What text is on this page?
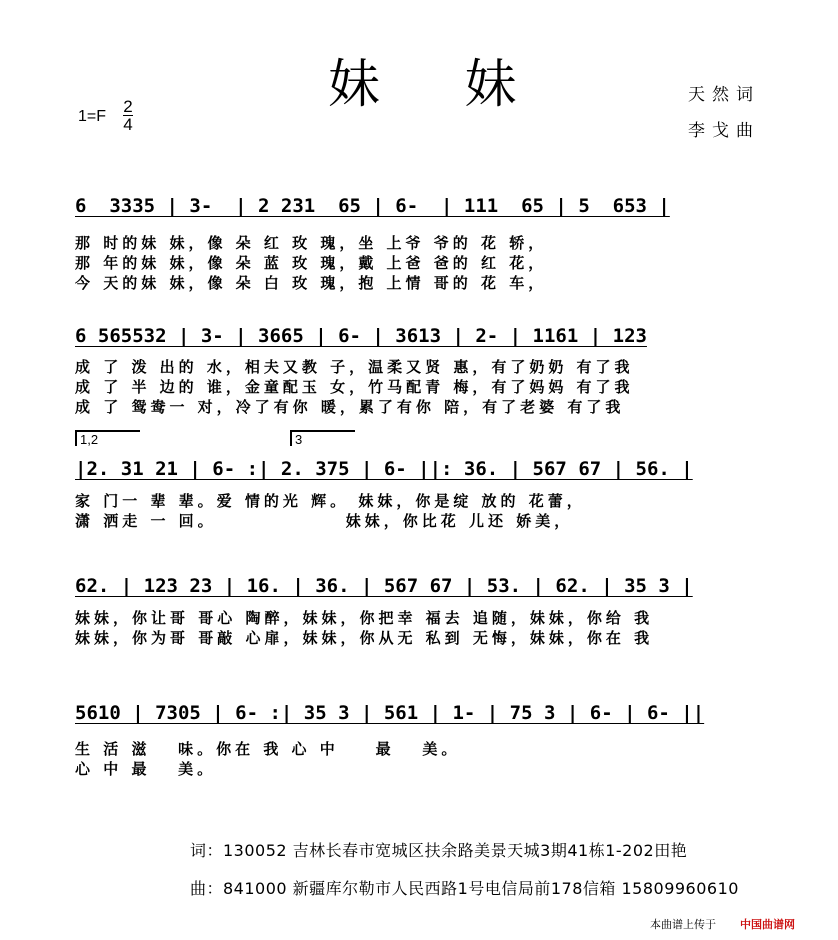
妹 妹
1=F
2
4
天然词
李戈曲
6  3335 | 3-  | 2 231  65 | 6-  | 111  65 | 5  653 |
那 时的妹 妹，像 朵 红 玫 瑰，坐 上爷 爷的 花 轿，
那 年的妹 妹，像 朵 蓝 玫 瑰，戴 上爸 爸的 红 花，
今 天的妹 妹，像 朵 白 玫 瑰，抱 上情 哥的 花 车，
6 565532 | 3- | 3665 | 6- | 3613 | 2- | 1161 | 123
成 了 泼 出的 水，相夫又教 子，温柔又贤 惠，有了奶奶 有了我
成 了 半 边的 谁，金童配玉 女，竹马配青 梅，有了妈妈 有了我
成 了 鸳鸯一 对，冷了有你 暖，累了有你 陪，有了老婆 有了我
1,2	3
|2. 31 21 | 6- :| 2. 375 | 6- ||: 36. | 567 67 | 56. |
家 门一 辈 辈。爱 情的光 辉。 妹妹，你是绽 放的 花蕾，
潇 洒走 一 回。              妹妹，你比花 儿还 娇美，
62. | 123 23 | 16. | 36. | 567 67 | 53. | 62. | 35 3 |
妹妹，你让哥 哥心 陶醉，妹妹，你把幸 福去 追随，妹妹，你给 我
妹妹，你为哥 哥敲 心扉，妹妹，你从无 私到 无悔，妹妹，你在 我
5610 | 7305 | 6- :| 35 3 | 561 | 1- | 75 3 | 6- | 6- ||
生 活 滋   味。你在 我 心 中    最   美。
心 中 最   美。
词：130052 吉林长春市宽城区扶余路美景天城3期41栋1-202田艳
曲：841000 新疆库尔勒市人民西路1号电信局前178信箱 15809960610
本曲谱上传于 中国曲谱网
